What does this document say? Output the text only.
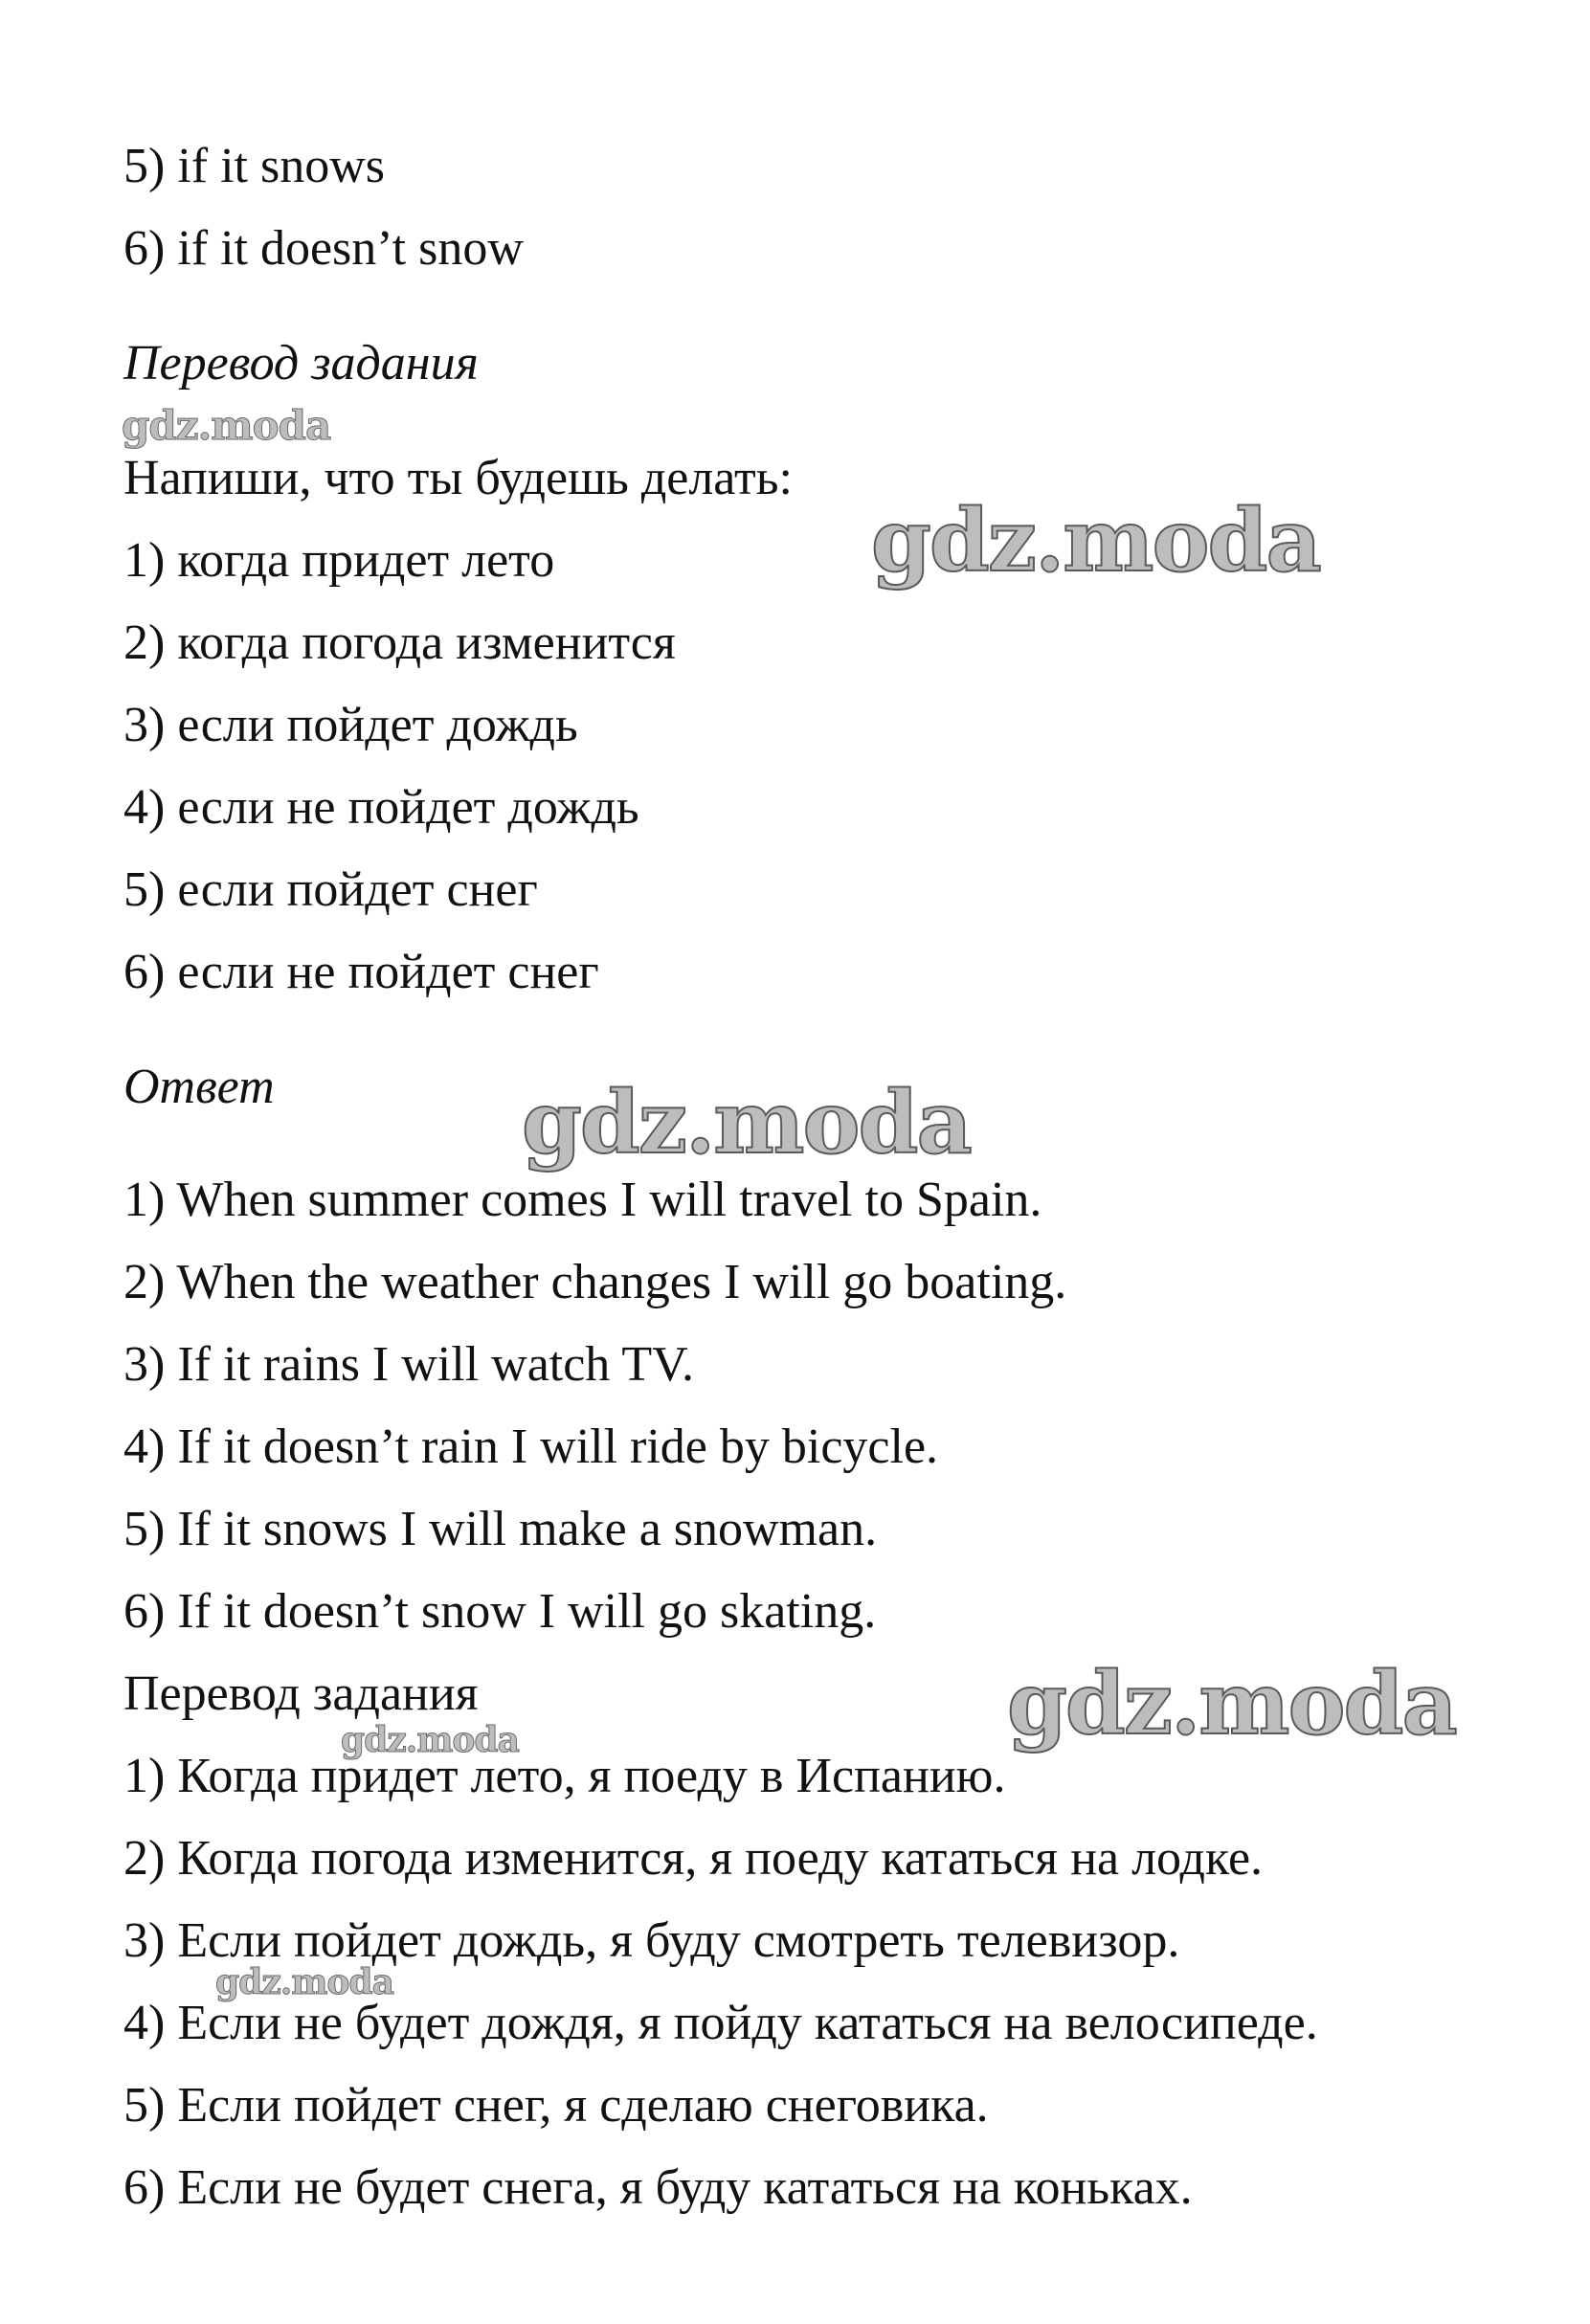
5) if it snows

6) if it doesn’t snow

Перевод задания

Напиши, что ты будешь делать:

1) когда придет лето

2) когда погода изменится

3) если пойдет дождь

4) если не пойдет дождь

5) если пойдет снег

6) если не пойдет снег

Ответ

1) When summer comes I will travel to Spain.

2) When the weather changes I will go boating.

3) If it rains I will watch TV.

4) If it doesn’t rain I will ride by bicycle.

5) If it snows I will make a snowman.

6) If it doesn’t snow I will go skating.

Перевод задания

1) Когда придет лето, я поеду в Испанию.

2) Когда погода изменится, я поеду кататься на лодке.

3) Если пойдет дождь, я буду смотреть телевизор.

4) Если не будет дождя, я пойду кататься на велосипеде.

5) Если пойдет снег, я сделаю снеговика.

6) Если не будет снега, я буду кататься на коньках.

gdz.moda
gdz.moda
gdz.moda
gdz.moda
gdz.moda
gdz.moda
